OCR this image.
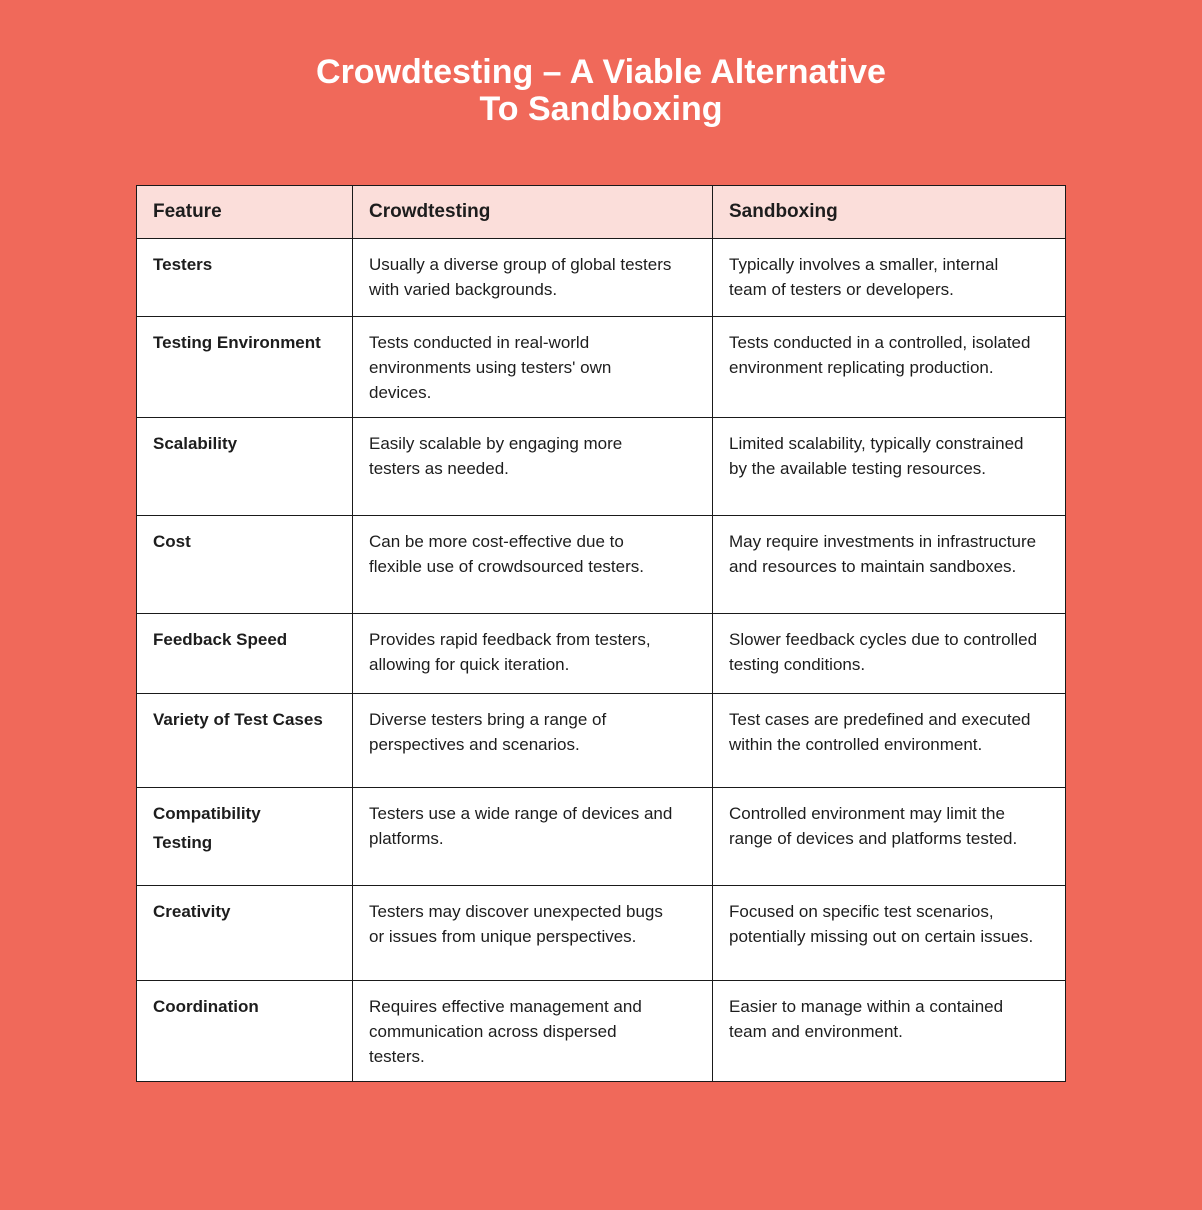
Crowdtesting – A Viable Alternative
To Sandboxing
Feature	Crowdtesting	Sandboxing
Testers	Usually a diverse group of global testers with varied backgrounds.	Typically involves a smaller, internal team of testers or developers.
Testing Environment	Tests conducted in real-world environments using testers' own devices.	Tests conducted in a controlled, isolated environment replicating production.
Scalability	Easily scalable by engaging more testers as needed.	Limited scalability, typically constrained by the available testing resources.
Cost	Can be more cost-effective due to flexible use of crowdsourced testers.	May require investments in infrastructure and resources to maintain sandboxes.
Feedback Speed	Provides rapid feedback from testers, allowing for quick iteration.	Slower feedback cycles due to controlled testing conditions.
Variety of Test Cases	Diverse testers bring a range of perspectives and scenarios.	Test cases are predefined and executed within the controlled environment.
Compatibility Testing	Testers use a wide range of devices and platforms.	Controlled environment may limit the range of devices and platforms tested.
Creativity	Testers may discover unexpected bugs or issues from unique perspectives.	Focused on specific test scenarios, potentially missing out on certain issues.
Coordination	Requires effective management and communication across dispersed testers.	Easier to manage within a contained team and environment.
